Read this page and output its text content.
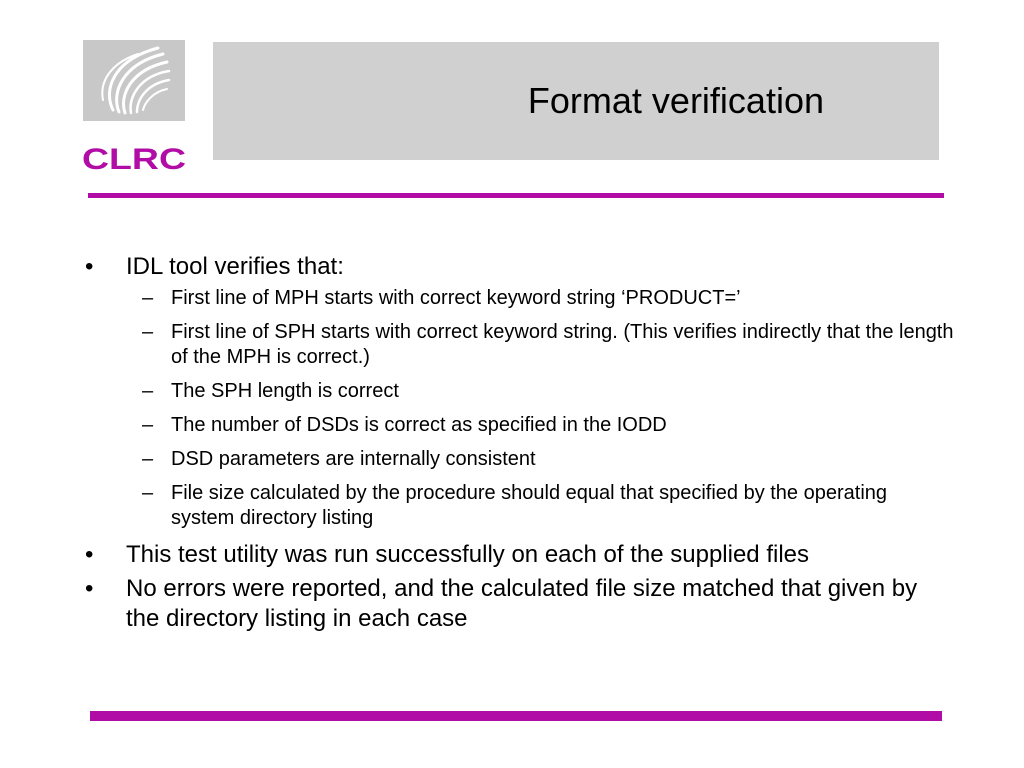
CLRC
Format verification
•	IDL tool verifies that:
– First line of MPH starts with correct keyword string ‘PRODUCT=’
– First line of SPH starts with correct keyword string. (This verifies indirectly that the length of the MPH is correct.)
– The SPH length is correct
– The number of DSDs is correct as specified in the IODD
– DSD parameters are internally consistent
– File size calculated by the procedure should equal that specified by the operating system directory listing
•	This test utility was run successfully on each of the supplied files
•	No errors were reported, and the calculated file size matched that given by the directory listing in each case
